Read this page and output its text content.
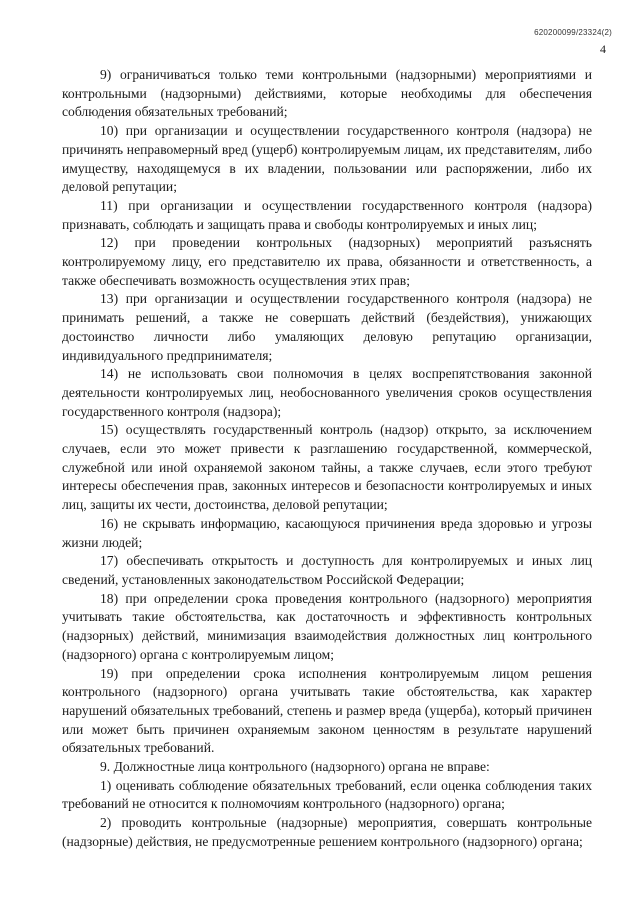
620200099/23324(2)
4

9) ограничиваться только теми контрольными (надзорными) мероприятиями и контрольными (надзорными) действиями, которые необходимы для обеспечения соблюдения обязательных требований;

10) при организации и осуществлении государственного контроля (надзора) не причинять неправомерный вред (ущерб) контролируемым лицам, их представителям, либо имуществу, находящемуся в их владении, пользовании или распоряжении, либо их деловой репутации;

11) при организации и осуществлении государственного контроля (надзора) признавать, соблюдать и защищать права и свободы контролируемых и иных лиц;

12) при проведении контрольных (надзорных) мероприятий разъяснять контролируемому лицу, его представителю их права, обязанности и ответственность, а также обеспечивать возможность осуществления этих прав;

13) при организации и осуществлении государственного контроля (надзора) не принимать решений, а также не совершать действий (бездействия), унижающих достоинство личности либо умаляющих деловую репутацию организации, индивидуального предпринимателя;

14) не использовать свои полномочия в целях воспрепятствования законной деятельности контролируемых лиц, необоснованного увеличения сроков осуществления государственного контроля (надзора);

15) осуществлять государственный контроль (надзор) открыто, за исключением случаев, если это может привести к разглашению государственной, коммерческой, служебной или иной охраняемой законом тайны, а также случаев, если этого требуют интересы обеспечения прав, законных интересов и безопасности контролируемых и иных лиц, защиты их чести, достоинства, деловой репутации;

16) не скрывать информацию, касающуюся причинения вреда здоровью и угрозы жизни людей;

17) обеспечивать открытость и доступность для контролируемых и иных лиц сведений, установленных законодательством Российской Федерации;

18) при определении срока проведения контрольного (надзорного) мероприятия учитывать такие обстоятельства, как достаточность и эффективность контрольных (надзорных) действий, минимизация взаимодействия должностных лиц контрольного (надзорного) органа с контролируемым лицом;

19) при определении срока исполнения контролируемым лицом решения контрольного (надзорного) органа учитывать такие обстоятельства, как характер нарушений обязательных требований, степень и размер вреда (ущерба), который причинен или может быть причинен охраняемым законом ценностям в результате нарушений обязательных требований.

9. Должностные лица контрольного (надзорного) органа не вправе:

1) оценивать соблюдение обязательных требований, если оценка соблюдения таких требований не относится к полномочиям контрольного (надзорного) органа;

2) проводить контрольные (надзорные) мероприятия, совершать контрольные (надзорные) действия, не предусмотренные решением контрольного (надзорного) органа;
